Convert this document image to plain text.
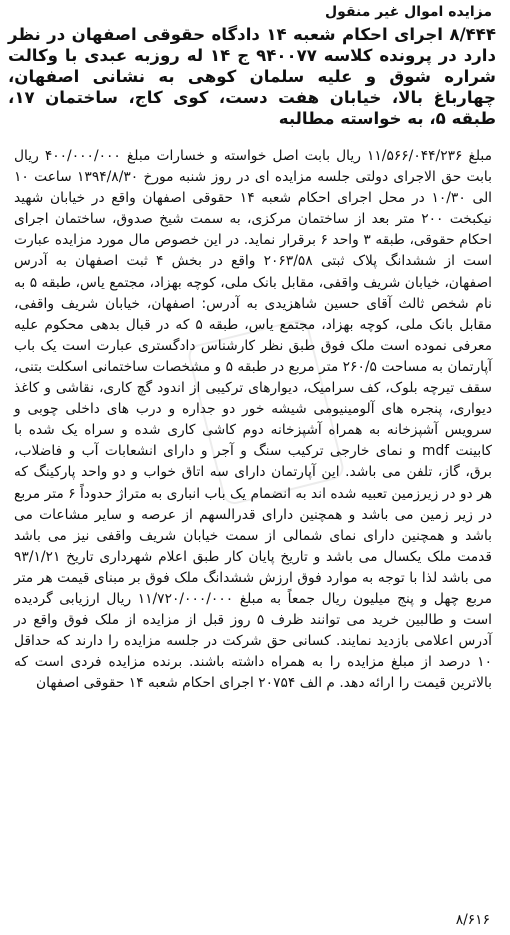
مزایده اموال غیر منقول
۸/۴۴۴ اجرای احکام شعبه ۱۴ دادگاه حقوقی اصفهان در نظر دارد در پرونده کلاسه ۹۴۰۰۷۷ ج ۱۴ له روزبه عبدی با وکالت شراره شوق و علیه سلمان کوهی به نشانی اصفهان، چهارباغ بالا، خیابان هفت دست، کوی کاج، ساختمان ۱۷، طبقه ۵، به خواسته مطالبه
مبلغ ۱۱/۵۶۶/۰۴۴/۲۳۶ ریال بابت اصل خواسته و خسارات مبلغ ۴۰۰/۰۰۰/۰۰۰ ریال بابت حق الاجرای دولتی جلسه مزایده ای در روز شنبه مورخ ۱۳۹۴/۸/۳۰ ساعت ۱۰ الی ۱۰/۳۰ در محل اجرای احکام شعبه ۱۴ حقوقی اصفهان واقع در خیابان شهید نیکبخت ۲۰۰ متر بعد از ساختمان مرکزی، به سمت شیخ صدوق، ساختمان اجرای احکام حقوقی، طبقه ۳ واحد ۶ برقرار نماید. در این خصوص مال مورد مزایده عبارت است از ششدانگ پلاک ثبتی ۲۰۶۳/۵۸ واقع در بخش ۴ ثبت اصفهان به آدرس اصفهان، خیابان شریف واقفی، مقابل بانک ملی، کوچه بهزاد، مجتمع یاس، طبقه ۵ به نام شخص ثالث آقای حسین شاهزیدی به آدرس: اصفهان، خیابان شریف واقفی، مقابل بانک ملی، کوچه بهزاد، مجتمع یاس، طبقه ۵ که در قبال بدهی محکوم علیه معرفی نموده است ملک فوق طبق نظر کارشناس دادگستری عبارت است یک باب آپارتمان به مساحت ۲۶۰/۵ متر مربع در طبقه ۵ و مشخصات ساختمانی اسکلت بتنی، سقف تیرچه بلوک، کف سرامیک، دیوارهای ترکیبی از اندود گچ کاری، نقاشی و کاغذ دیواری، پنجره های آلومینیومی شیشه خور دو جداره و درب های داخلی چوبی و سرویس آشپزخانه به همراه آشپزخانه دوم کاشی کاری شده و سراه یک شده با کابینت mdf و نمای خارجی ترکیب سنگ و آجر و دارای انشعابات آب و فاضلاب، برق، گاز، تلفن می باشد. این آپارتمان دارای سه اتاق خواب و دو واحد پارکینگ که هر دو در زیرزمین تعبیه شده اند به انضمام یک باب انباری به متراژ حدوداً ۶ متر مربع در زیر زمین می باشد و همچنین دارای قدرالسهم از عرصه و سایر مشاعات می باشد و همچنین دارای نمای شمالی از سمت خیابان شریف واقفی نیز می باشد قدمت ملک یکسال می باشد و تاریخ پایان کار طبق اعلام شهرداری تاریخ ۹۳/۱/۲۱ می باشد لذا با توجه به موارد فوق ارزش ششدانگ ملک فوق بر مبنای قیمت هر متر مربع چهل و پنج میلیون ریال جمعاً به مبلغ ۱۱/۷۲۰/۰۰۰/۰۰۰ ریال ارزیابی گردیده است و طالبین خرید می توانند ظرف ۵ روز قبل از مزایده از ملک فوق واقع در آدرس اعلامی بازدید نمایند. کسانی حق شرکت در جلسه مزایده را دارند که حداقل ۱۰ درصد از مبلغ مزایده را به همراه داشته باشند. برنده مزایده فردی است که بالاترین قیمت را ارائه دهد. م الف ۲۰۷۵۴ اجرای احکام شعبه ۱۴ حقوقی اصفهان
۸/۶۱۶
